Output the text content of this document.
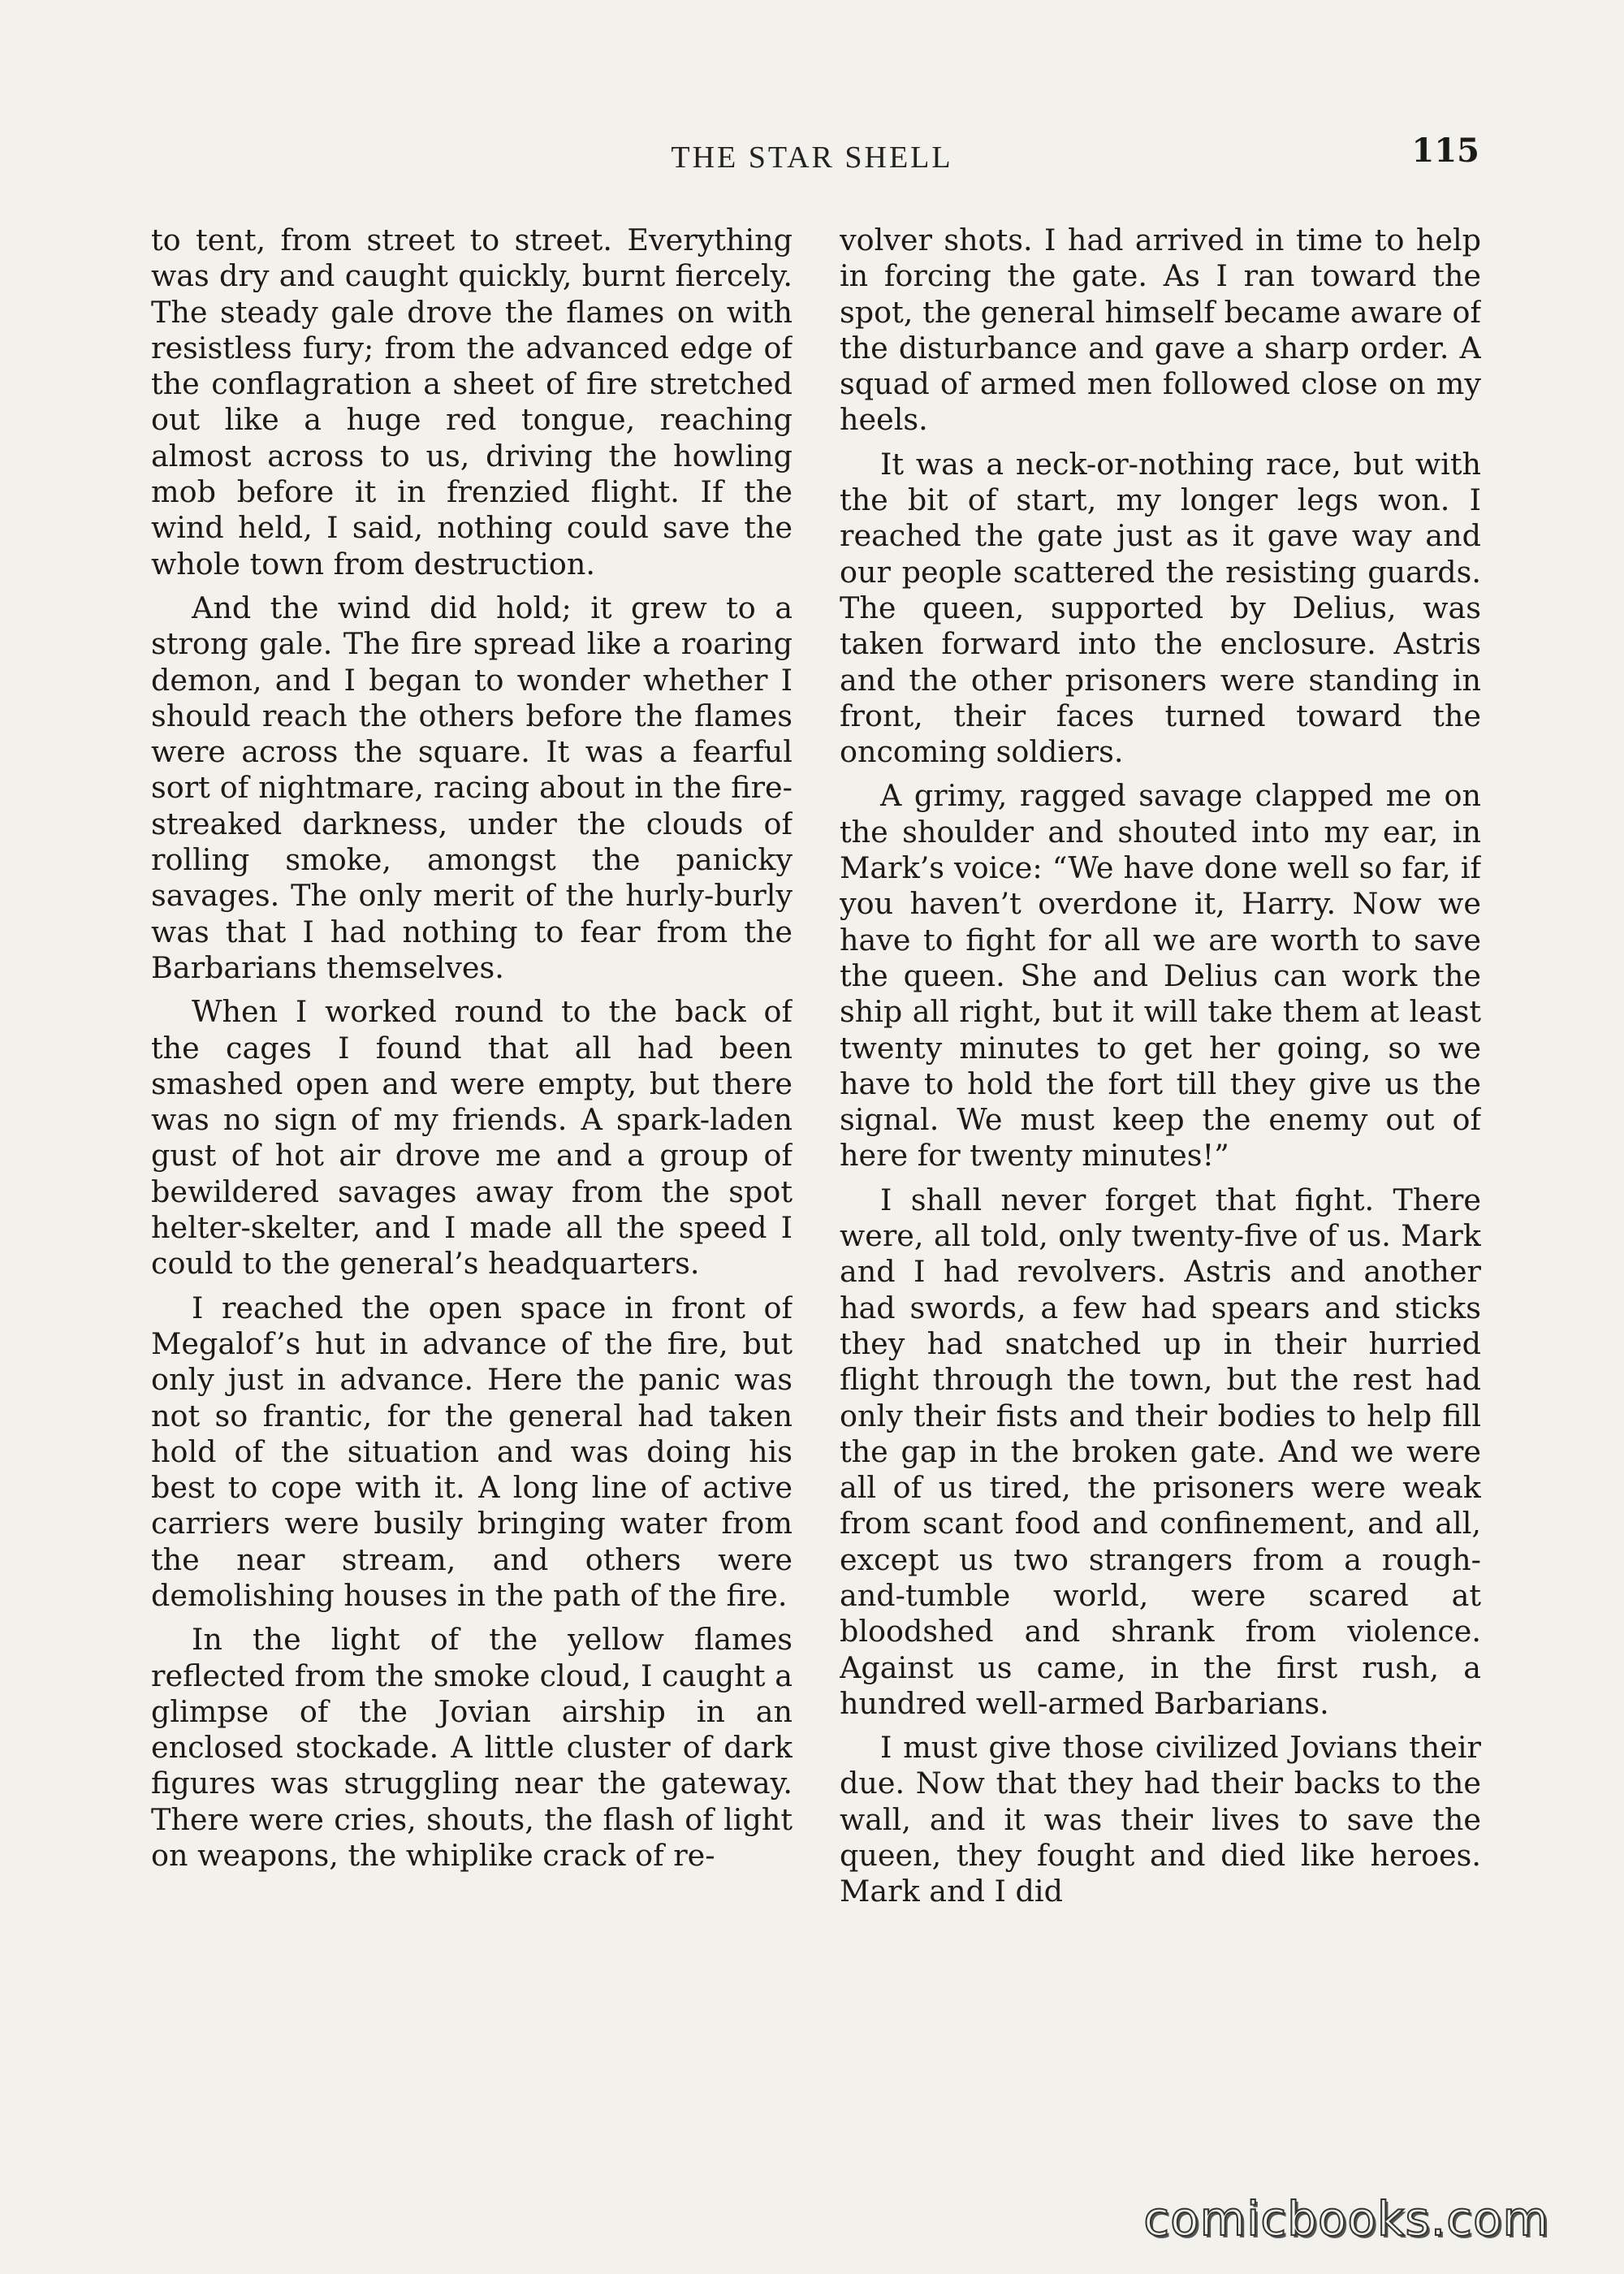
THE STAR SHELL	115

to tent, from street to street. Everything was dry and caught quickly, burnt fiercely. The steady gale drove the flames on with resistless fury; from the advanced edge of the conflagration a sheet of fire stretched out like a huge red tongue, reaching almost across to us, driving the howling mob before it in frenzied flight. If the wind held, I said, nothing could save the whole town from destruction.

And the wind did hold; it grew to a strong gale. The fire spread like a roaring demon, and I began to wonder whether I should reach the others before the flames were across the square. It was a fearful sort of nightmare, racing about in the fire-streaked darkness, under the clouds of rolling smoke, amongst the panicky savages. The only merit of the hurly-burly was that I had nothing to fear from the Barbarians themselves.

When I worked round to the back of the cages I found that all had been smashed open and were empty, but there was no sign of my friends. A spark-laden gust of hot air drove me and a group of bewildered savages away from the spot helter-skelter, and I made all the speed I could to the general’s headquarters.

I reached the open space in front of Megalof’s hut in advance of the fire, but only just in advance. Here the panic was not so frantic, for the general had taken hold of the situation and was doing his best to cope with it. A long line of active carriers were busily bringing water from the near stream, and others were demolishing houses in the path of the fire.

In the light of the yellow flames reflected from the smoke cloud, I caught a glimpse of the Jovian airship in an enclosed stockade. A little cluster of dark figures was struggling near the gateway. There were cries, shouts, the flash of light on weapons, the whiplike crack of re-

volver shots. I had arrived in time to help in forcing the gate. As I ran toward the spot, the general himself became aware of the disturbance and gave a sharp order. A squad of armed men followed close on my heels.

It was a neck-or-nothing race, but with the bit of start, my longer legs won. I reached the gate just as it gave way and our people scattered the resisting guards. The queen, supported by Delius, was taken forward into the enclosure. Astris and the other prisoners were standing in front, their faces turned toward the oncoming soldiers.

A grimy, ragged savage clapped me on the shoulder and shouted into my ear, in Mark’s voice: “We have done well so far, if you haven’t overdone it, Harry. Now we have to fight for all we are worth to save the queen. She and Delius can work the ship all right, but it will take them at least twenty minutes to get her going, so we have to hold the fort till they give us the signal. We must keep the enemy out of here for twenty minutes!”

I shall never forget that fight. There were, all told, only twenty-five of us. Mark and I had revolvers. Astris and another had swords, a few had spears and sticks they had snatched up in their hurried flight through the town, but the rest had only their fists and their bodies to help fill the gap in the broken gate. And we were all of us tired, the prisoners were weak from scant food and confinement, and all, except us two strangers from a rough-and-tumble world, were scared at bloodshed and shrank from violence. Against us came, in the first rush, a hundred well-armed Barbarians.

I must give those civilized Jovians their due. Now that they had their backs to the wall, and it was their lives to save the queen, they fought and died like heroes. Mark and I did

comicbooks.com
